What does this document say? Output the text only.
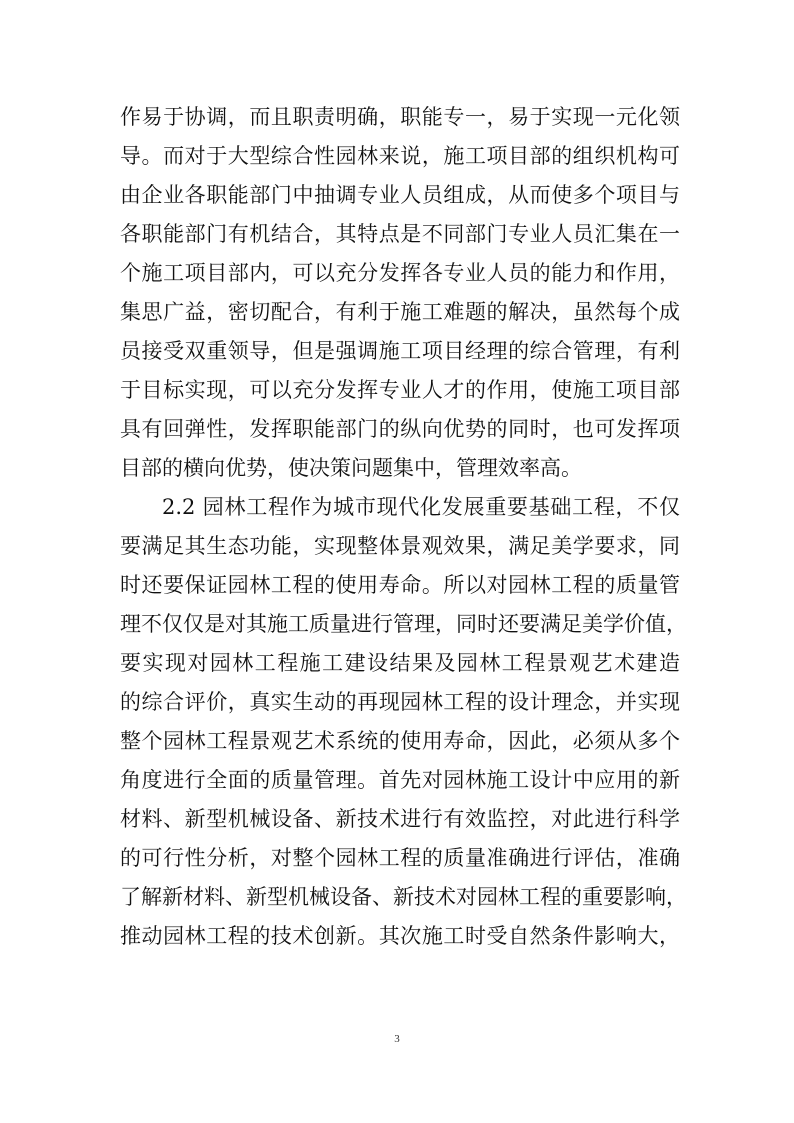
作易于协调，而且职责明确，职能专一，易于实现一元化领
导。而对于大型综合性园林来说，施工项目部的组织机构可
由企业各职能部门中抽调专业人员组成，从而使多个项目与
各职能部门有机结合，其特点是不同部门专业人员汇集在一
个施工项目部内，可以充分发挥各专业人员的能力和作用，
集思广益，密切配合，有利于施工难题的解决，虽然每个成
员接受双重领导，但是强调施工项目经理的综合管理，有利
于目标实现，可以充分发挥专业人才的作用，使施工项目部
具有回弹性，发挥职能部门的纵向优势的同时，也可发挥项
目部的横向优势，使决策问题集中，管理效率高。
2.2 园林工程作为城市现代化发展重要基础工程，不仅
要满足其生态功能，实现整体景观效果，满足美学要求，同
时还要保证园林工程的使用寿命。所以对园林工程的质量管
理不仅仅是对其施工质量进行管理，同时还要满足美学价值，
要实现对园林工程施工建设结果及园林工程景观艺术建造
的综合评价，真实生动的再现园林工程的设计理念，并实现
整个园林工程景观艺术系统的使用寿命，因此，必须从多个
角度进行全面的质量管理。首先对园林施工设计中应用的新
材料、新型机械设备、新技术进行有效监控，对此进行科学
的可行性分析，对整个园林工程的质量准确进行评估，准确
了解新材料、新型机械设备、新技术对园林工程的重要影响，
推动园林工程的技术创新。其次施工时受自然条件影响大，
3
